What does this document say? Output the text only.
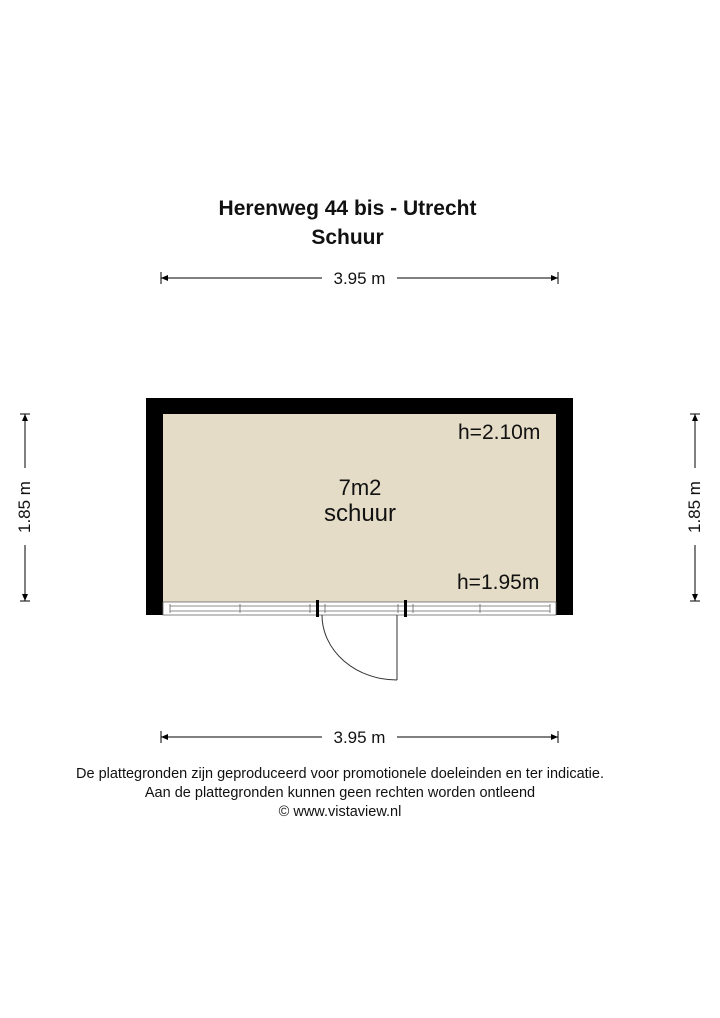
Herenweg 44 bis - Utrecht
Schuur
3.95 m
3.95 m
1.85 m	1.85 m
7m2
schuur
h=2.10m
h=1.95m
De plattegronden zijn geproduceerd voor promotionele doeleinden en ter indicatie.
Aan de plattegronden kunnen geen rechten worden ontleend
© www.vistaview.nl
